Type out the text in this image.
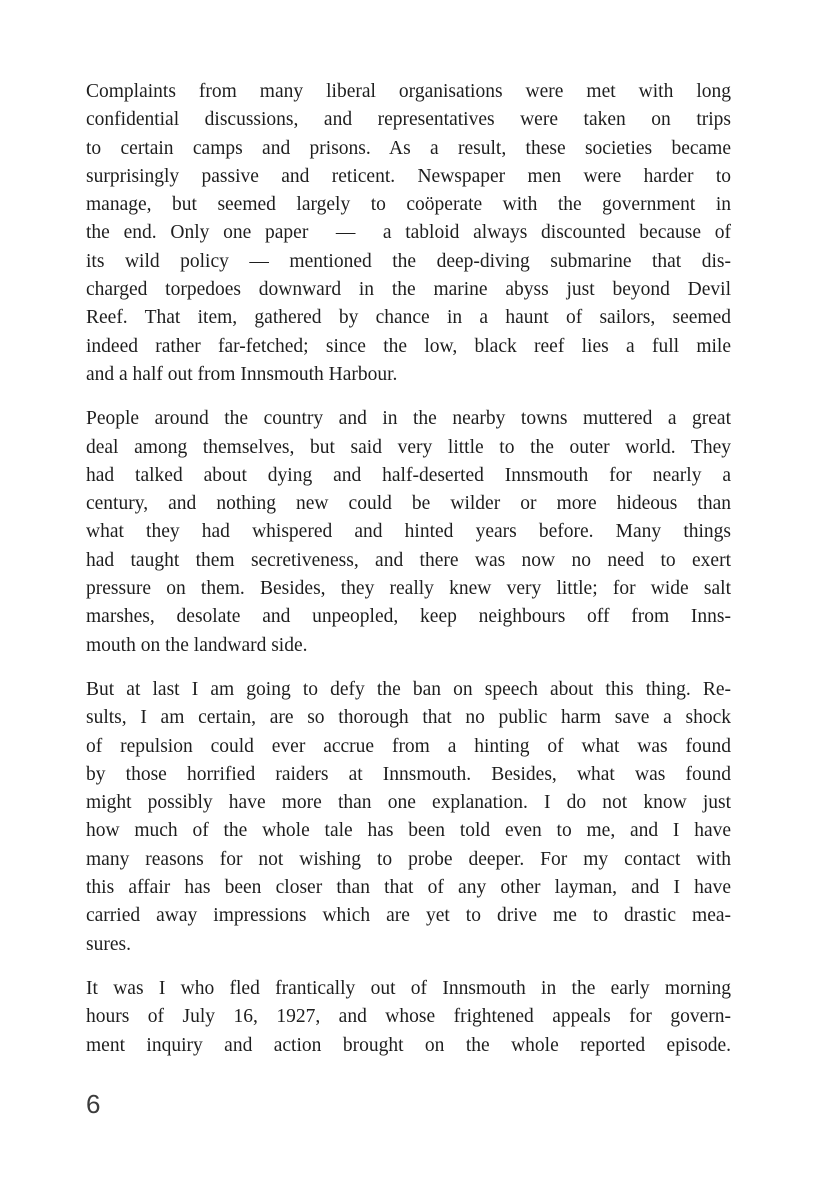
Complaints from many liberal organisations were met with long
confidential discussions, and representatives were taken on trips
to certain camps and prisons. As a result, these societies became
surprisingly passive and reticent. Newspaper men were harder to
manage, but seemed largely to coöperate with the government in
the end. Only one paper  —  a tabloid always discounted because of
its wild policy — mentioned the deep-diving submarine that dis-
charged torpedoes downward in the marine abyss just beyond Devil
Reef. That item, gathered by chance in a haunt of sailors, seemed
indeed rather far-fetched; since the low, black reef lies a full mile
and a half out from Innsmouth Harbour.
People around the country and in the nearby towns muttered a great
deal among themselves, but said very little to the outer world. They
had talked about dying and half-deserted Innsmouth for nearly a
century, and nothing new could be wilder or more hideous than
what they had whispered and hinted years before. Many things
had taught them secretiveness, and there was now no need to exert
pressure on them. Besides, they really knew very little; for wide salt
marshes, desolate and unpeopled, keep neighbours off from Inns-
mouth on the landward side.
But at last I am going to defy the ban on speech about this thing. Re-
sults, I am certain, are so thorough that no public harm save a shock
of repulsion could ever accrue from a hinting of what was found
by those horrified raiders at Innsmouth. Besides, what was found
might possibly have more than one explanation. I do not know just
how much of the whole tale has been told even to me, and I have
many reasons for not wishing to probe deeper. For my contact with
this affair has been closer than that of any other layman, and I have
carried away impressions which are yet to drive me to drastic mea-
sures.
It was I who fled frantically out of Innsmouth in the early morning
hours of July 16, 1927, and whose frightened appeals for govern-
ment inquiry and action brought on the whole reported episode.
6
